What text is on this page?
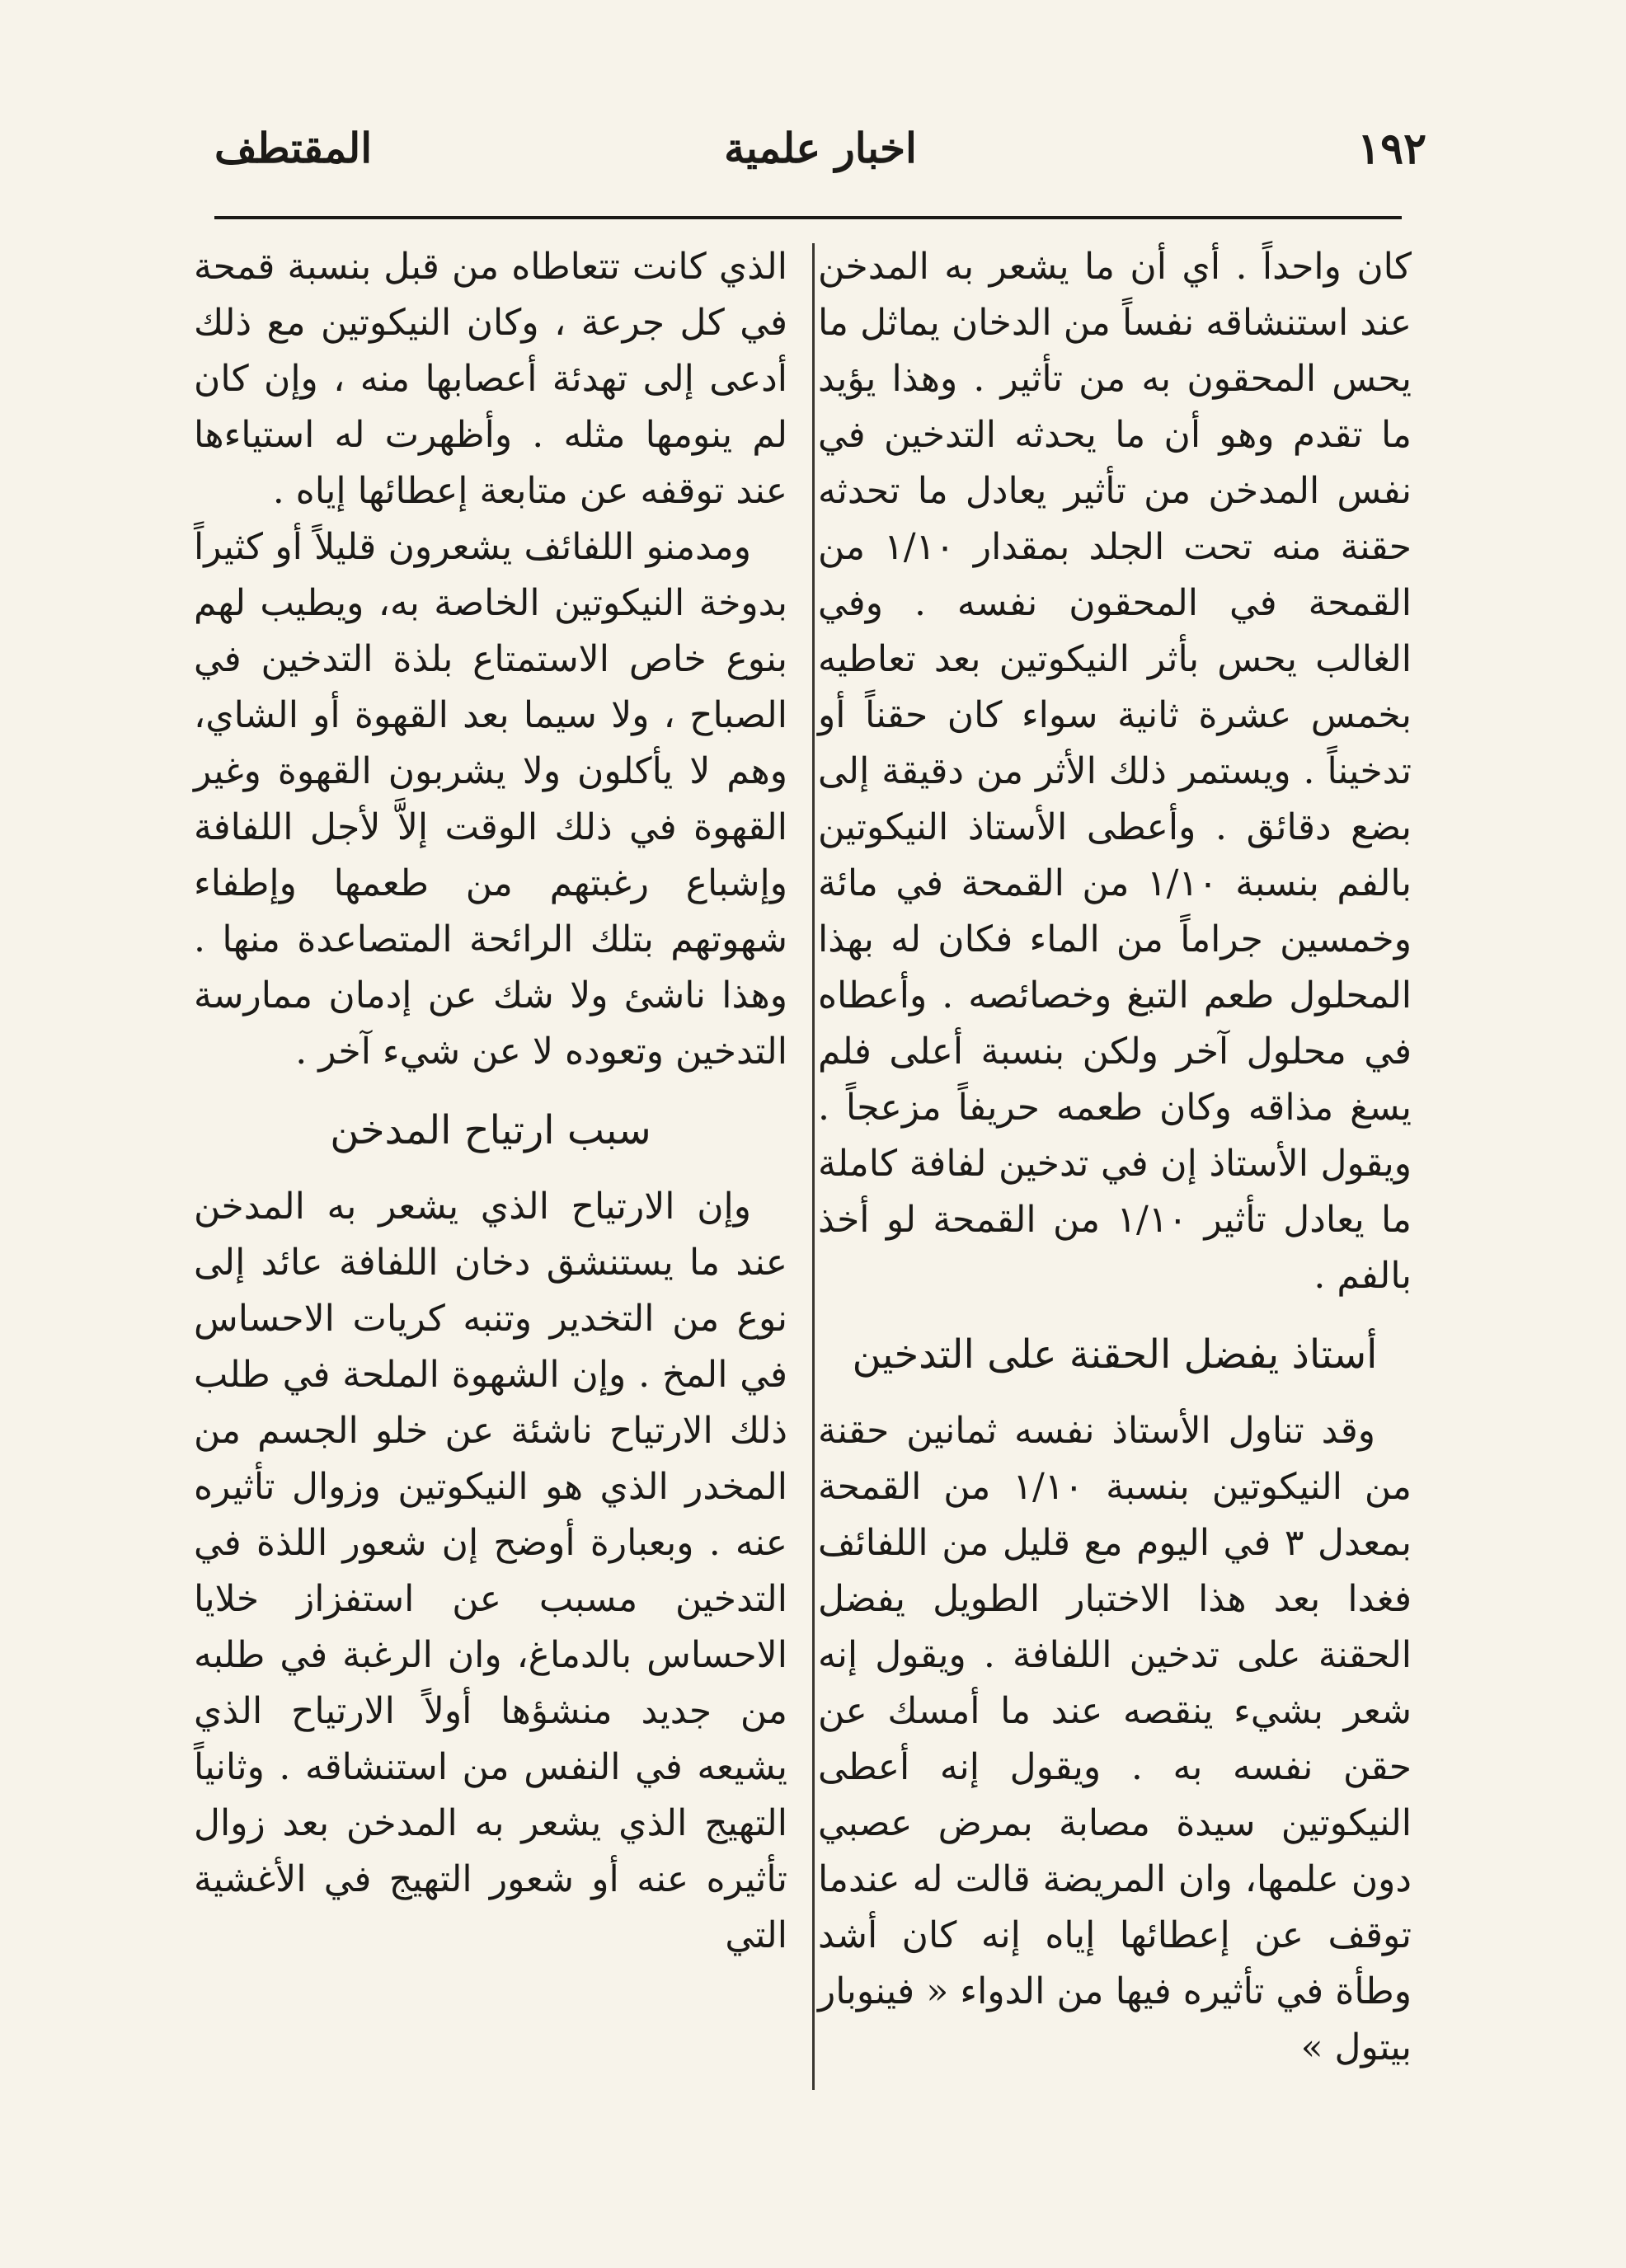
١٩٢
اخبار علمية
المقتطف

كان واحداً . أي أن ما يشعر به المدخن عند استنشاقه نفساً من الدخان يماثل ما يحس المحقون به من تأثير . وهذا يؤيد ما تقدم وهو أن ما يحدثه التدخين في نفس المدخن من تأثير يعادل ما تحدثه حقنة منه تحت الجلد بمقدار ١/١٠ من القمحة في المحقون نفسه . وفي الغالب يحس بأثر النيكوتين بعد تعاطيه بخمس عشرة ثانية سواء كان حقناً أو تدخيناً . ويستمر ذلك الأثر من دقيقة إلى بضع دقائق . وأعطى الأستاذ النيكوتين بالفم بنسبة ١/١٠ من القمحة في مائة وخمسين جراماً من الماء فكان له بهذا المحلول طعم التبغ وخصائصه . وأعطاه في محلول آخر ولكن بنسبة أعلى فلم يسغ مذاقه وكان طعمه حريفاً مزعجاً . ويقول الأستاذ إن في تدخين لفافة كاملة ما يعادل تأثير ١/١٠ من القمحة لو أخذ بالفم .

أستاذ يفضل الحقنة على التدخين

وقد تناول الأستاذ نفسه ثمانين حقنة من النيكوتين بنسبة ١/١٠ من القمحة بمعدل ٣ في اليوم مع قليل من اللفائف فغدا بعد هذا الاختبار الطويل يفضل الحقنة على تدخين اللفافة . ويقول إنه شعر بشيء ينقصه عند ما أمسك عن حقن نفسه به . ويقول إنه أعطى النيكوتين سيدة مصابة بمرض عصبي دون علمها، وان المريضة قالت له عندما توقف عن إعطائها إياه إنه كان أشد وطأة في تأثيره فيها من الدواء « فينوبار بيتول »

الذي كانت تتعاطاه من قبل بنسبة قمحة في كل جرعة ، وكان النيكوتين مع ذلك أدعى إلى تهدئة أعصابها منه ، وإن كان لم ينومها مثله . وأظهرت له استياءها عند توقفه عن متابعة إعطائها إياه .

ومدمنو اللفائف يشعرون قليلاً أو كثيراً بدوخة النيكوتين الخاصة به، ويطيب لهم بنوع خاص الاستمتاع بلذة التدخين في الصباح ، ولا سيما بعد القهوة أو الشاي، وهم لا يأكلون ولا يشربون القهوة وغير القهوة في ذلك الوقت إلاَّ لأجل اللفافة وإشباع رغبتهم من طعمها وإطفاء شهوتهم بتلك الرائحة المتصاعدة منها . وهذا ناشئ ولا شك عن إدمان ممارسة التدخين وتعوده لا عن شيء آخر .

سبب ارتياح المدخن

وإن الارتياح الذي يشعر به المدخن عند ما يستنشق دخان اللفافة عائد إلى نوع من التخدير وتنبه كريات الاحساس في المخ . وإن الشهوة الملحة في طلب ذلك الارتياح ناشئة عن خلو الجسم من المخدر الذي هو النيكوتين وزوال تأثيره عنه . وبعبارة أوضح إن شعور اللذة في التدخين مسبب عن استفزاز خلايا الاحساس بالدماغ، وان الرغبة في طلبه من جديد منشؤها أولاً الارتياح الذي يشيعه في النفس من استنشاقه . وثانياً التهيج الذي يشعر به المدخن بعد زوال تأثيره عنه أو شعور التهيج في الأغشية التي
